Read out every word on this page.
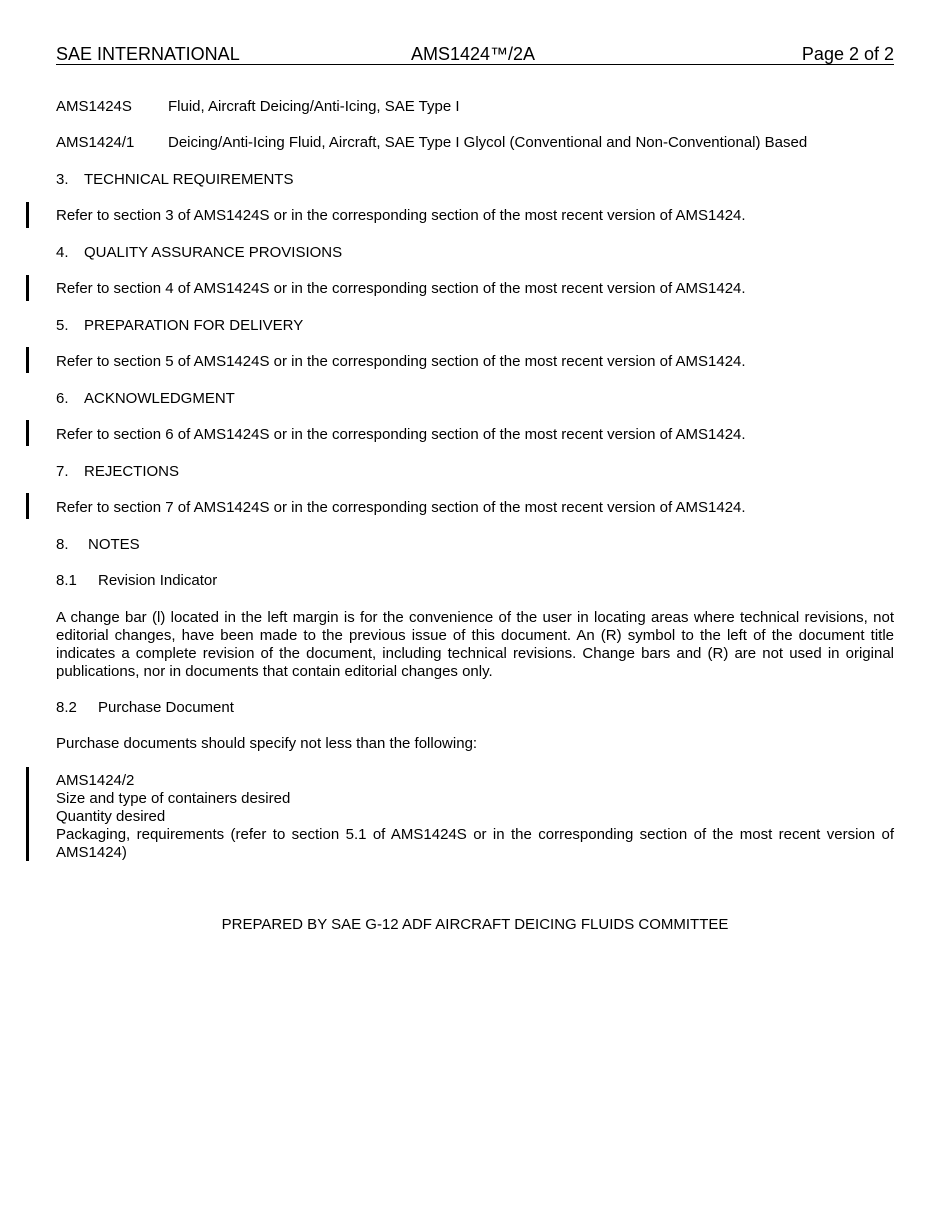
SAE INTERNATIONAL	AMS1424™/2A	Page 2 of 2
AMS1424S Fluid, Aircraft Deicing/Anti-Icing, SAE Type I
AMS1424/1 Deicing/Anti-Icing Fluid, Aircraft, SAE Type I Glycol (Conventional and Non-Conventional) Based
3. TECHNICAL REQUIREMENTS
Refer to section 3 of AMS1424S or in the corresponding section of the most recent version of AMS1424.
4. QUALITY ASSURANCE PROVISIONS
Refer to section 4 of AMS1424S or in the corresponding section of the most recent version of AMS1424.
5. PREPARATION FOR DELIVERY
Refer to section 5 of AMS1424S or in the corresponding section of the most recent version of AMS1424.
6. ACKNOWLEDGMENT
Refer to section 6 of AMS1424S or in the corresponding section of the most recent version of AMS1424.
7. REJECTIONS
Refer to section 7 of AMS1424S or in the corresponding section of the most recent version of AMS1424.
8. NOTES
8.1 Revision Indicator
A change bar (l) located in the left margin is for the convenience of the user in locating areas where technical revisions, not editorial changes, have been made to the previous issue of this document. An (R) symbol to the left of the document title indicates a complete revision of the document, including technical revisions. Change bars and (R) are not used in original publications, nor in documents that contain editorial changes only.
8.2 Purchase Document
Purchase documents should specify not less than the following:
AMS1424/2
Size and type of containers desired
Quantity desired
Packaging, requirements (refer to section 5.1 of AMS1424S or in the corresponding section of the most recent version of AMS1424)
PREPARED BY SAE G-12 ADF AIRCRAFT DEICING FLUIDS COMMITTEE
